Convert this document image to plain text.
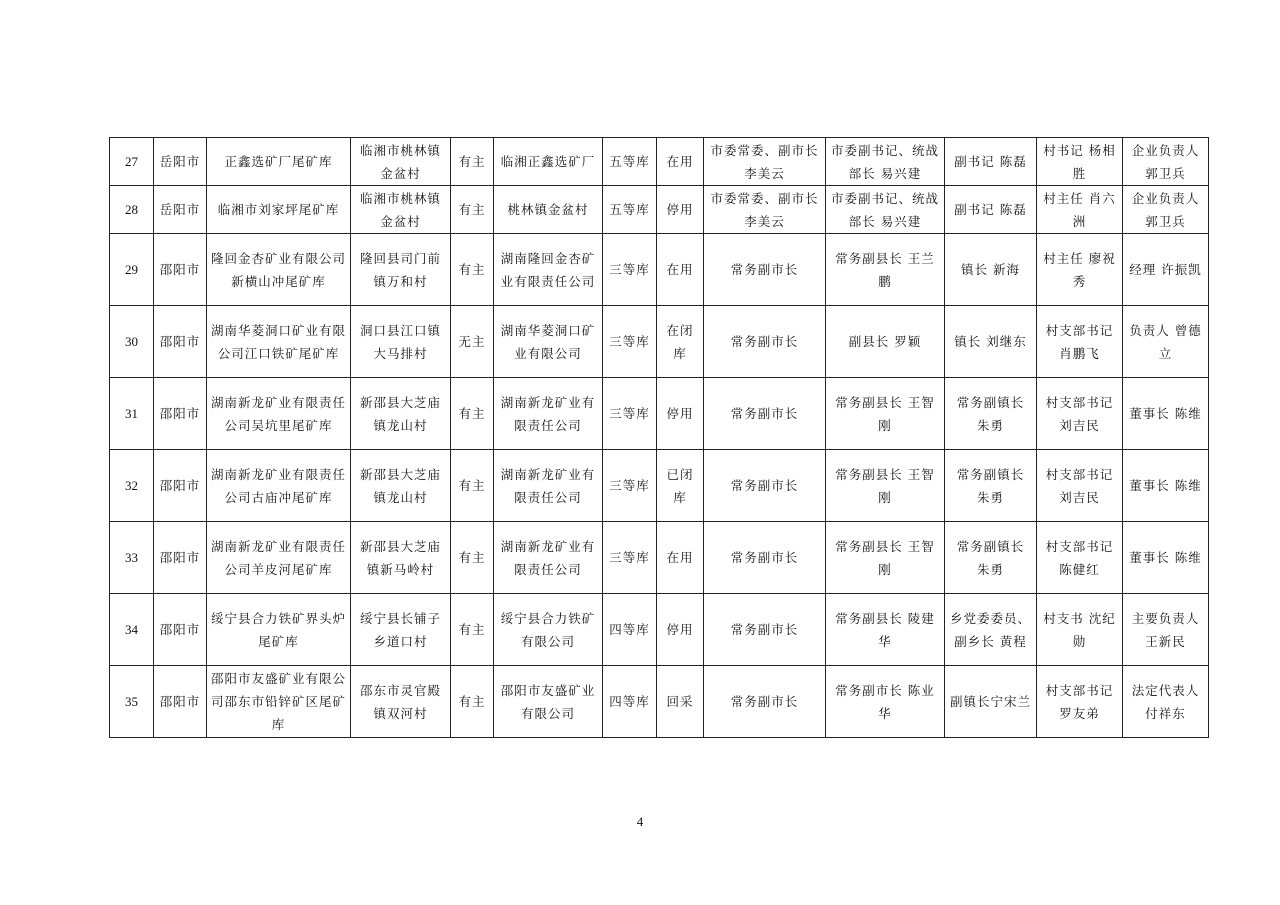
27	岳阳市	正鑫选矿厂尾矿库	临湘市桃林镇金盆村	有主	临湘正鑫选矿厂	五等库	在用	市委常委、副市长 李美云	市委副书记、统战部长 易兴建	副书记 陈磊	村书记 杨相胜	企业负责人 郭卫兵
28	岳阳市	临湘市刘家坪尾矿库	临湘市桃林镇金盆村	有主	桃林镇金盆村	五等库	停用	市委常委、副市长 李美云	市委副书记、统战部长 易兴建	副书记 陈磊	村主任 肖六洲	企业负责人 郭卫兵
29	邵阳市	隆回金杏矿业有限公司新横山冲尾矿库	隆回县司门前镇万和村	有主	湖南隆回金杏矿业有限责任公司	三等库	在用	常务副市长	常务副县长 王兰鹏	镇长 新海	村主任 廖祝秀	经理 许振凯
30	邵阳市	湖南华菱洞口矿业有限公司江口铁矿尾矿库	洞口县江口镇大马排村	无主	湖南华菱洞口矿业有限公司	三等库	在闭库	常务副市长	副县长 罗颖	镇长 刘继东	村支部书记 肖鹏飞	负责人 曾德立
31	邵阳市	湖南新龙矿业有限责任公司吴坑里尾矿库	新邵县大芝庙镇龙山村	有主	湖南新龙矿业有限责任公司	三等库	停用	常务副市长	常务副县长 王智刚	常务副镇长 朱勇	村支部书记 刘吉民	董事长 陈维
32	邵阳市	湖南新龙矿业有限责任公司古庙冲尾矿库	新邵县大芝庙镇龙山村	有主	湖南新龙矿业有限责任公司	三等库	已闭库	常务副市长	常务副县长 王智刚	常务副镇长 朱勇	村支部书记 刘吉民	董事长 陈维
33	邵阳市	湖南新龙矿业有限责任公司羊皮河尾矿库	新邵县大芝庙镇新马岭村	有主	湖南新龙矿业有限责任公司	三等库	在用	常务副市长	常务副县长 王智刚	常务副镇长 朱勇	村支部书记 陈健红	董事长 陈维
34	邵阳市	绥宁县合力铁矿界头炉尾矿库	绥宁县长铺子乡道口村	有主	绥宁县合力铁矿有限公司	四等库	停用	常务副市长	常务副县长 陵建华	乡党委委员、副乡长 黄程	村支书 沈纪勋	主要负责人 王新民
35	邵阳市	邵阳市友盛矿业有限公司邵东市铅锌矿区尾矿库	邵东市灵官殿镇双河村	有主	邵阳市友盛矿业有限公司	四等库	回采	常务副市长	常务副市长 陈业华	副镇长宁宋兰	村支部书记罗友弟	法定代表人付祥东
4
